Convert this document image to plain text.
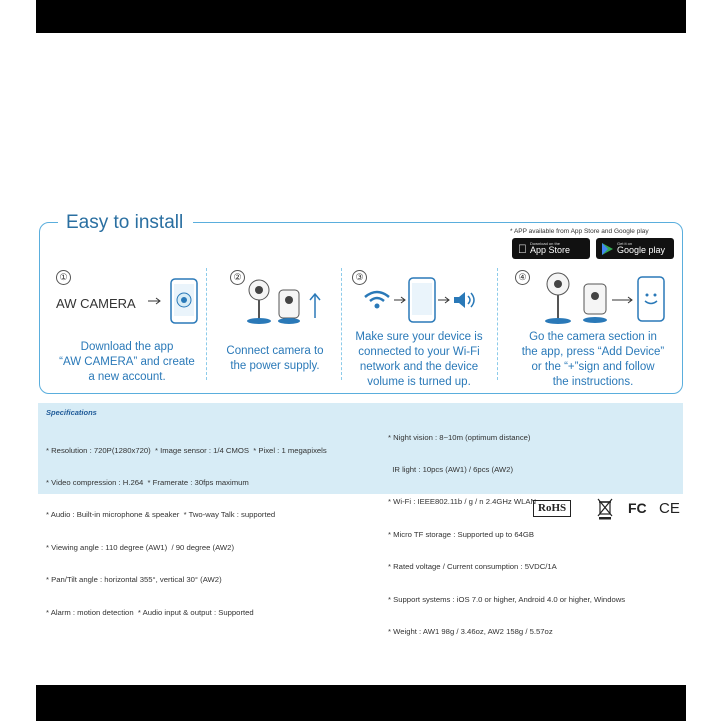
Easy to install	* APP available from App Store and Google play
Download on the
App Store
Get it on
Google play
①
AW CAMERA
Download the app
“AW CAMERA” and create
a new account.
②
Connect camera to
the power supply.
③
Make sure your device is
connected to your Wi-Fi
network and the device
volume is turned up.
④
Go the camera section in
the app, press “Add Device”
or the “+”sign and follow
the instructions.
Specifications

* Resolution : 720P(1280x720)  * Image sensor : 1/4 CMOS  * Pixel : 1 megapixels

* Video compression : H.264  * Framerate : 30fps maximum

* Audio : Built-in microphone & speaker  * Two-way Talk : supported

* Viewing angle : 110 degree (AW1)  / 90 degree (AW2)

* Pan/Tilt angle : horizontal 355°, vertical 30° (AW2)

* Alarm : motion detection  * Audio input & output : Supported

* Night vision : 8~10m (optimum distance)

IR light : 10pcs (AW1) / 6pcs (AW2)

* Wi-Fi : IEEE802.11b / g / n 2.4GHz WLAN

* Micro TF storage : Supported up to 64GB

* Rated voltage / Current consumption : 5VDC/1A

* Support systems : iOS 7.0 or higher, Android 4.0 or higher, Windows

* Weight : AW1 98g / 3.46oz, AW2 158g / 5.57oz

RoHS	FC CE
